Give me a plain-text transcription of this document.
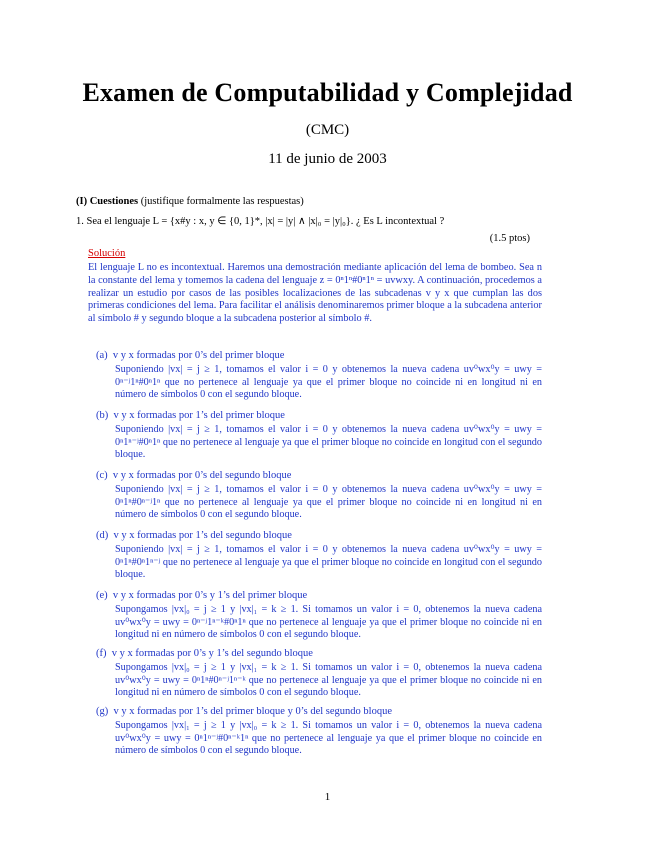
Examen de Computabilidad y Complejidad
(CMC)
11 de junio de 2003
(I) Cuestiones (justifique formalmente las respuestas)
1. Sea el lenguaje L = {x#y : x, y ∈ {0, 1}*, |x| = |y| ∧ |x|₀ = |y|₀}. ¿ Es L incontextual ?
(1.5 ptos)
Solución
El lenguaje L no es incontextual. Haremos una demostración mediante aplicación del lema de bombeo. Sea n la constante del lema y tomemos la cadena del lenguaje z = 0ⁿ1ⁿ#0ⁿ1ⁿ = uvwxy. A continuación, procedemos a realizar un estudio por casos de las posibles localizaciones de las subcadenas v y x que cumplan las dos primeras condiciones del lema. Para facilitar el análisis denominaremos primer bloque a la subcadena anterior al símbolo # y segundo bloque a la subcadena posterior al símbolo #.
(a) v y x formadas por 0’s del primer bloque
Suponiendo |vx| = j ≥ 1, tomamos el valor i = 0 y obtenemos la nueva cadena uv⁰wx⁰y = uwy = 0ⁿ⁻ʲ1ⁿ#0ⁿ1ⁿ que no pertenece al lenguaje ya que el primer bloque no coincide ni en longitud ni en número de símbolos 0 con el segundo bloque.
(b) v y x formadas por 1’s del primer bloque
Suponiendo |vx| = j ≥ 1, tomamos el valor i = 0 y obtenemos la nueva cadena uv⁰wx⁰y = uwy = 0ⁿ1ⁿ⁻ʲ#0ⁿ1ⁿ que no pertenece al lenguaje ya que el primer bloque no coincide en longitud con el segundo bloque.
(c) v y x formadas por 0’s del segundo bloque
Suponiendo |vx| = j ≥ 1, tomamos el valor i = 0 y obtenemos la nueva cadena uv⁰wx⁰y = uwy = 0ⁿ1ⁿ#0ⁿ⁻ʲ1ⁿ que no pertenece al lenguaje ya que el primer bloque no coincide ni en longitud ni en número de símbolos 0 con el segundo bloque.
(d) v y x formadas por 1’s del segundo bloque
Suponiendo |vx| = j ≥ 1, tomamos el valor i = 0 y obtenemos la nueva cadena uv⁰wx⁰y = uwy = 0ⁿ1ⁿ#0ⁿ1ⁿ⁻ʲ que no pertenece al lenguaje ya que el primer bloque no coincide en longitud con el segundo bloque.
(e) v y x formadas por 0’s y 1’s del primer bloque
Supongamos |vx|₀ = j ≥ 1 y |vx|₁ = k ≥ 1. Si tomamos un valor i = 0, obtenemos la nueva cadena uv⁰wx⁰y = uwy = 0ⁿ⁻ʲ1ⁿ⁻ᵏ#0ⁿ1ⁿ que no pertenece al lenguaje ya que el primer bloque no coincide ni en longitud ni en número de símbolos 0 con el segundo bloque.
(f) v y x formadas por 0’s y 1’s del segundo bloque
Supongamos |vx|₀ = j ≥ 1 y |vx|₁ = k ≥ 1. Si tomamos un valor i = 0, obtenemos la nueva cadena uv⁰wx⁰y = uwy = 0ⁿ1ⁿ#0ⁿ⁻ʲ1ⁿ⁻ᵏ que no pertenece al lenguaje ya que el primer bloque no coincide ni en longitud ni en número de símbolos 0 con el segundo bloque.
(g) v y x formadas por 1’s del primer bloque y 0’s del segundo bloque
Supongamos |vx|₁ = j ≥ 1 y |vx|₀ = k ≥ 1. Si tomamos un valor i = 0, obtenemos la nueva cadena uv⁰wx⁰y = uwy = 0ⁿ1ⁿ⁻ʲ#0ⁿ⁻ᵏ1ⁿ que no pertenece al lenguaje ya que el primer bloque no coincide en número de símbolos 0 con el segundo bloque.
1
